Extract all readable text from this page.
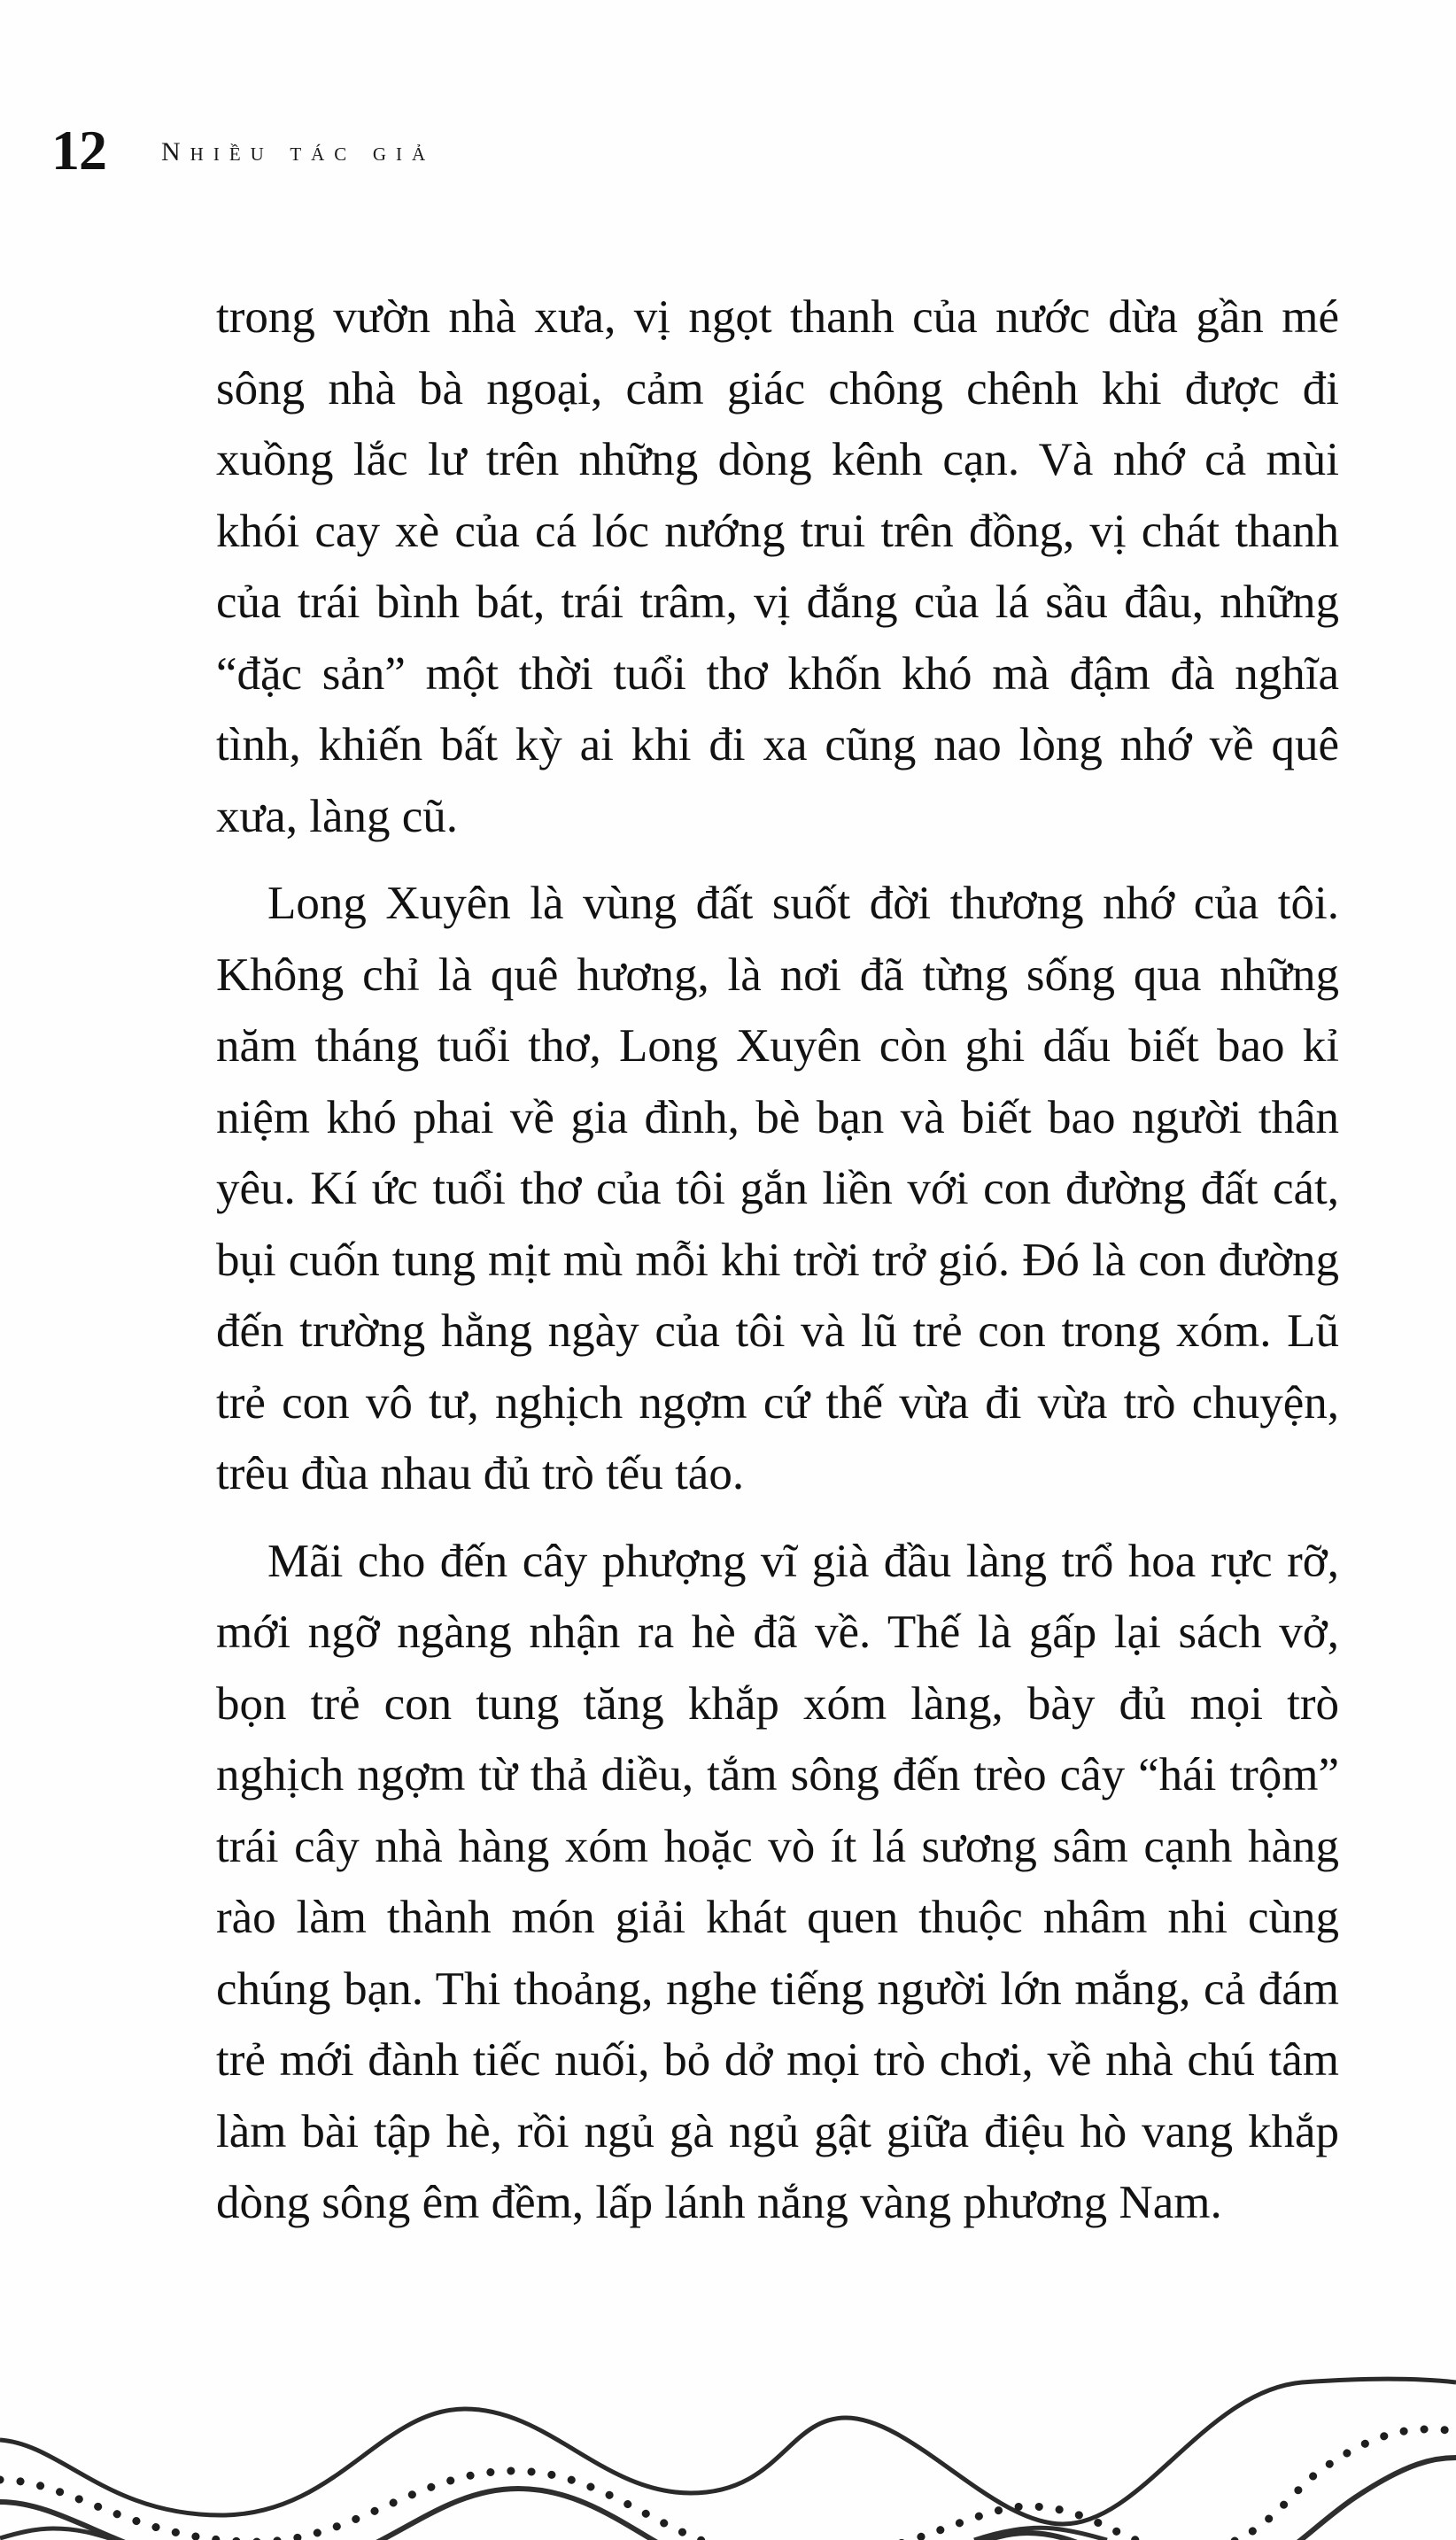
12 Nhiều tác giả

trong vườn nhà xưa, vị ngọt thanh của nước dừa gần mé sông nhà bà ngoại, cảm giác chông chênh khi được đi xuồng lắc lư trên những dòng kênh cạn. Và nhớ cả mùi khói cay xè của cá lóc nướng trui trên đồng, vị chát thanh của trái bình bát, trái trâm, vị đắng của lá sầu đâu, những “đặc sản” một thời tuổi thơ khốn khó mà đậm đà nghĩa tình, khiến bất kỳ ai khi đi xa cũng nao lòng nhớ về quê xưa, làng cũ.

Long Xuyên là vùng đất suốt đời thương nhớ của tôi. Không chỉ là quê hương, là nơi đã từng sống qua những năm tháng tuổi thơ, Long Xuyên còn ghi dấu biết bao kỉ niệm khó phai về gia đình, bè bạn và biết bao người thân yêu. Kí ức tuổi thơ của tôi gắn liền với con đường đất cát, bụi cuốn tung mịt mù mỗi khi trời trở gió. Đó là con đường đến trường hằng ngày của tôi và lũ trẻ con trong xóm. Lũ trẻ con vô tư, nghịch ngợm cứ thế vừa đi vừa trò chuyện, trêu đùa nhau đủ trò tếu táo.

Mãi cho đến cây phượng vĩ già đầu làng trổ hoa rực rỡ, mới ngỡ ngàng nhận ra hè đã về. Thế là gấp lại sách vở, bọn trẻ con tung tăng khắp xóm làng, bày đủ mọi trò nghịch ngợm từ thả diều, tắm sông đến trèo cây “hái trộm” trái cây nhà hàng xóm hoặc vò ít lá sương sâm cạnh hàng rào làm thành món giải khát quen thuộc nhâm nhi cùng chúng bạn. Thi thoảng, nghe tiếng người lớn mắng, cả đám trẻ mới đành tiếc nuối, bỏ dở mọi trò chơi, về nhà chú tâm làm bài tập hè, rồi ngủ gà ngủ gật giữa điệu hò vang khắp dòng sông êm đềm, lấp lánh nắng vàng phương Nam.
